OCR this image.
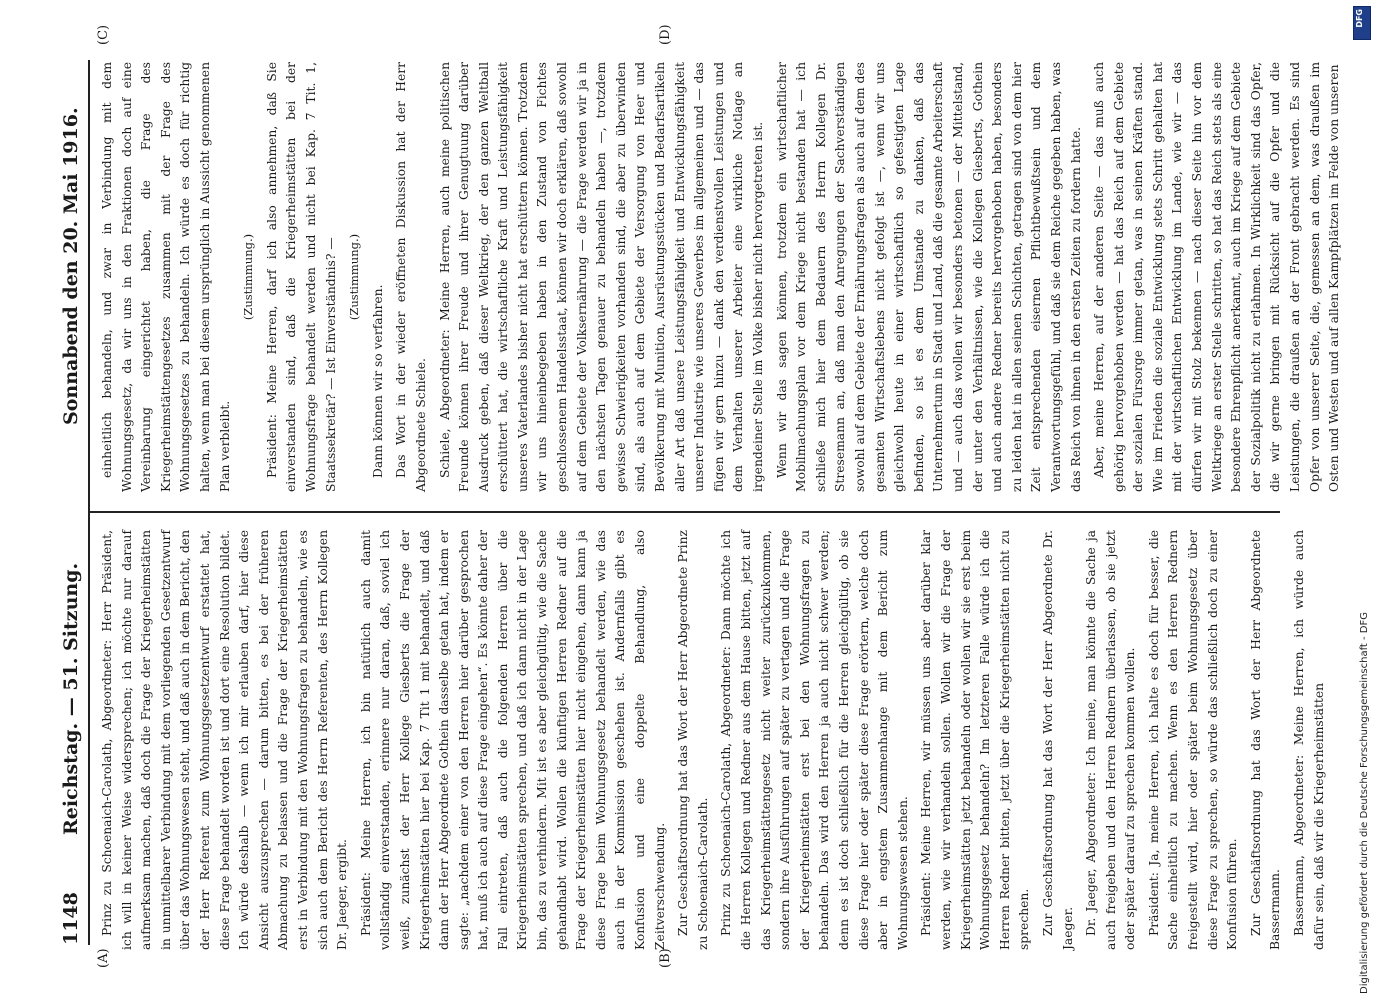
1148
Reichstag. — 51. Sitzung.
Sonnabend den 20. Mai 1916.
(A)	(B)
(C)	(D)

Prinz zu Schoenaich-Carolath, Abgeordneter: Herr Präsident, ich will in keiner Weise widersprechen; ich möchte nur darauf aufmerksam machen, daß doch die Frage der Kriegerheimstätten in unmittelbarer Verbindung mit dem vorliegenden Gesetzentwurf über das Wohnungswesen steht, und daß auch in dem Bericht, den der Herr Referent zum Wohnungsgesetzentwurf erstattet hat, diese Frage behandelt worden ist und dort eine Resolution bildet. Ich würde deshalb — wenn ich mir erlauben darf, hier diese Ansicht auszusprechen — darum bitten, es bei der früheren Abmachung zu belassen und die Frage der Kriegerheimstätten erst in Verbindung mit den Wohnungsfragen zu behandeln, wie es sich auch dem Bericht des Herrn Referenten, des Herrn Kollegen Dr. Jaeger, ergibt. Präsident: Meine Herren, ich bin natürlich auch damit vollständig einverstanden, erinnere nur daran, daß, soviel ich weiß, zunächst der Herr Kollege Giesberts die Frage der Kriegerheimstätten hier bei Kap. 7 Tit 1 mit behandelt, und daß dann der Herr Abgeordnete Gothein dasselbe getan hat, indem er sagte: „nachdem einer von den Herren hier darüber gesprochen hat, muß ich auch auf diese Frage eingehen“. Es könnte daher der Fall eintreten, daß auch die folgenden Herren über die Kriegerheimstätten sprechen, und daß ich dann nicht in der Lage bin, das zu verhindern. Mit ist es aber gleichgültig, wie die Sache gehandhabt wird. Wollen die künftigen Herren Redner auf die Frage der Kriegerheimstätten hier nicht eingehen, dann kann ja diese Frage beim Wohnungsgesetz behandelt werden, wie das auch in der Kommission geschehen ist. Andernfalls gibt es Konfusion und eine doppelte Behandlung, also Zeitverschwendung. Zur Geschäftsordnung hat das Wort der Herr Abgeordnete Prinz zu Schoenaich-Carolath. Prinz zu Schoenaich-Carolath, Abgeordneter: Dann möchte ich die Herren Kollegen und Redner aus dem Hause bitten, jetzt auf das Kriegerheimstättengesetz nicht weiter zurückzukommen, sondern ihre Ausführungen auf später zu vertagen und die Frage der Kriegerheimstätten erst bei den Wohnungsfragen zu behandeln. Das wird den Herren ja auch nicht schwer werden; denn es ist doch schließlich für die Herren gleichgültig, ob sie diese Frage hier oder später diese Frage erörtern, welche doch aber in engstem Zusammenhange mit dem Bericht zum Wohnungswesen stehen. Präsident: Meine Herren, wir müssen uns aber darüber klar werden, wie wir verhandeln sollen. Wollen wir die Frage der Kriegerheimstätten jetzt behandeln oder wollen wir sie erst beim Wohnungsgesetz behandeln? Im letzteren Falle würde ich die Herren Redner bitten, jetzt über die Kriegerheimstätten nicht zu sprechen. Zur Geschäftsordnung hat das Wort der Herr Abgeordnete Dr. Jaeger. Dr. Jaeger, Abgeordneter: Ich meine, man könnte die Sache ja auch freigeben und den Herren Rednern überlassen, ob sie jetzt oder später darauf zu sprechen kommen wollen. Präsident: Ja, meine Herren, ich halte es doch für besser, die Sache einheitlich zu machen. Wenn es den Herren Rednern freigestellt wird, hier oder später beim Wohnungsgesetz über diese Frage zu sprechen, so würde das schließlich doch zu einer Konfusion führen. Zur Geschäftsordnung hat das Wort der Herr Abgeordnete Bassermann. Bassermann, Abgeordneter: Meine Herren, ich würde auch dafür sein, daß wir die Kriegerheimstätten

einheitlich behandeln, und zwar in Verbindung mit dem Wohnungsgesetz, da wir uns in den Fraktionen doch auf eine Vereinbarung eingerichtet haben, die Frage des Kriegerheimstättengesetzes zusammen mit der Frage des Wohnungsgesetzes zu behandeln. Ich würde es doch für richtig halten, wenn man bei diesem ursprünglich in Aussicht genommenen Plan verbleibt.

(Zustimmung.) Präsident: Meine Herren, darf ich also annehmen, daß Sie einverstanden sind, daß die Kriegerheimstätten bei der Wohnungsfrage behandelt werden und nicht bei Kap. 7 Tit. 1, Staatssekretär? — Ist Einverständnis? — (Zustimmung.)

Dann können wir so verfahren. Das Wort in der wieder eröffneten Diskussion hat der Herr Abgeordnete Schiele. Schiele, Abgeordneter: Meine Herren, auch meine politischen Freunde können ihrer Freude und ihrer Genugtuung darüber Ausdruck geben, daß dieser Weltkrieg, der den ganzen Weltball erschüttert hat, die wirtschaftliche Kraft und Leistungsfähigkeit unseres Vaterlandes bisher nicht hat erschüttern können. Trotzdem wir uns hineinbegeben haben in den Zustand von Fichtes geschlossenem Handelsstaat, können wir doch erklären, daß sowohl auf dem Gebiete der Volksernährung — die Frage werden wir ja in den nächsten Tagen genauer zu behandeln haben —, trotzdem gewisse Schwierigkeiten vorhanden sind, die aber zu überwinden sind, als auch auf dem Gebiete der Versorgung von Heer und Bevölkerung mit Munition, Ausrüstungsstücken und Bedarfsartikeln aller Art daß unsere Leistungsfähigkeit und Entwicklungsfähigkeit unserer Industrie wie unseres Gewerbes im allgemeinen und — das fügen wir gern hinzu — dank den verdienstvollen Leistungen und dem Verhalten unserer Arbeiter eine wirkliche Notlage an irgendeiner Stelle im Volke bisher nicht hervorgetreten ist. Wenn wir das sagen können, trotzdem ein wirtschaftlicher Mobilmachungsplan vor dem Kriege nicht bestanden hat — ich schließe mich hier dem Bedauern des Herrn Kollegen Dr. Stresemann an, daß man den Anregungen der Sachverständigen sowohl auf dem Gebiete der Ernährungsfragen als auch auf dem des gesamten Wirtschaftslebens nicht gefolgt ist —, wenn wir uns gleichwohl heute in einer wirtschaftlich so gefestigten Lage befinden, so ist es dem Umstande zu danken, daß das Unternehmertum in Stadt und Land, daß die gesamte Arbeiterschaft und — auch das wollen wir besonders betonen — der Mittelstand, der unter den Verhältnissen, wie die Kollegen Giesberts, Gothein und auch andere Redner bereits hervorgehoben haben, besonders zu leiden hat in allen seinen Schichten, getragen sind von dem hier Zeit entsprechenden eisernen Pflichtbewußtsein und dem Verantwortungsgefühl, und daß sie dem Reiche gegeben haben, was das Reich von ihnen in den ersten Zeiten zu fordern hatte. Aber, meine Herren, auf der anderen Seite — das muß auch gehörig hervorgehoben werden — hat das Reich auf dem Gebiete der sozialen Fürsorge immer getan, was in seinen Kräften stand. Wie im Frieden die soziale Entwicklung stets Schritt gehalten hat mit der wirtschaftlichen Entwicklung im Lande, wie wir — das dürfen wir mit Stolz bekennen — nach dieser Seite hin vor dem Weltkriege an erster Stelle schritten, so hat das Reich stets als eine besondere Ehrenpflicht anerkannt, auch im Kriege auf dem Gebiete der Sozialpolitik nicht zu erlahmen. In Wirklichkeit sind das Opfer, die wir gerne bringen mit Rücksicht auf die Opfer und die Leistungen, die draußen an der Front gebracht werden. Es sind Opfer von unserer Seite, die, gemessen an dem, was draußen im Osten und Westen und auf allen Kampfplätzen im Felde von unseren

DFG
Digitalisierung gefördert durch die Deutsche Forschungsgemeinschaft - DFG
